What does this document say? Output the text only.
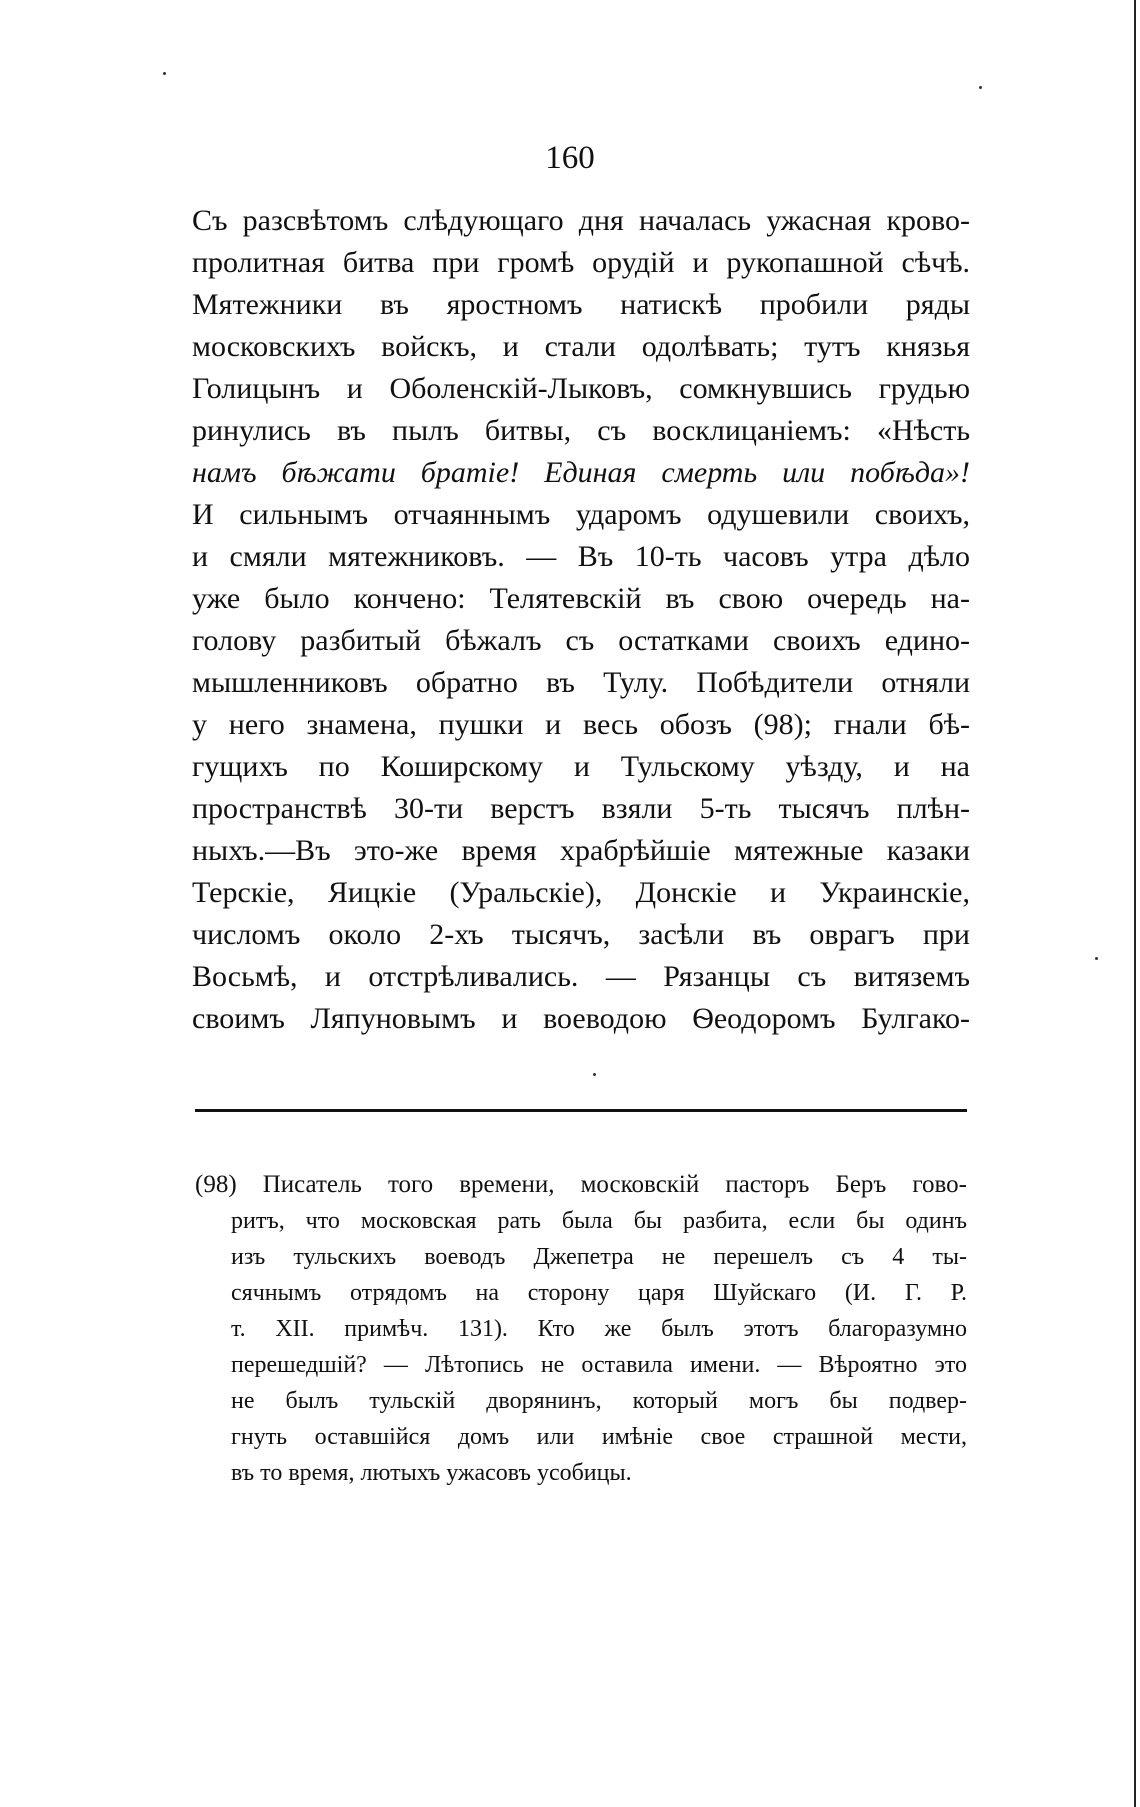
160
Съ разсвѣтомъ слѣдующаго дня началась ужасная крово-
пролитная битва при громѣ орудій и рукопашной сѣчѣ.
Мятежники въ яростномъ натискѣ пробили ряды
московскихъ войскъ, и стали одолѣвать; тутъ князья
Голицынъ и Оболенскій-Лыковъ, сомкнувшись грудью
ринулись въ пылъ битвы, съ восклицаніемъ: «Нѣсть
намъ бѣжати братіе! Единая смерть или побѣда»!
И сильнымъ отчаяннымъ ударомъ одушевили своихъ,
и смяли мятежниковъ. — Въ 10-ть часовъ утра дѣло
уже было кончено: Телятевскій въ свою очередь на-
голову разбитый бѣжалъ съ остатками своихъ едино-
мышленниковъ обратно въ Тулу. Побѣдители отняли
у него знамена, пушки и весь обозъ (98); гнали бѣ-
гущихъ по Коширскому и Тульскому уѣзду, и на
пространствѣ 30-ти верстъ взяли 5-ть тысячъ плѣн-
ныхъ.—Въ это-же время храбрѣйшіе мятежные казаки
Терскіе, Яицкіе (Уральскіе), Донскіе и Украинскіе,
числомъ около 2-хъ тысячъ, засѣли въ оврагъ при
Восьмѣ, и отстрѣливались. — Рязанцы съ витяземъ
своимъ Ляпуновымъ и воеводою Ѳеодоромъ Булгако-
(98) Писатель того времени, московскій пасторъ Беръ гово-
ритъ, что московская рать была бы разбита, если бы одинъ
изъ тульскихъ воеводъ Джепетра не перешелъ съ 4 ты-
сячнымъ отрядомъ на сторону царя Шуйскаго (И. Г. Р.
т. XII. примѣч. 131). Кто же былъ этотъ благоразумно
перешедшій? — Лѣтопись не оставила имени. — Вѣроятно это
не былъ тульскій дворянинъ, который могъ бы подвер-
гнуть оставшійся домъ или имѣніе свое страшной мести,
въ то время, лютыхъ ужасовъ усобицы.
